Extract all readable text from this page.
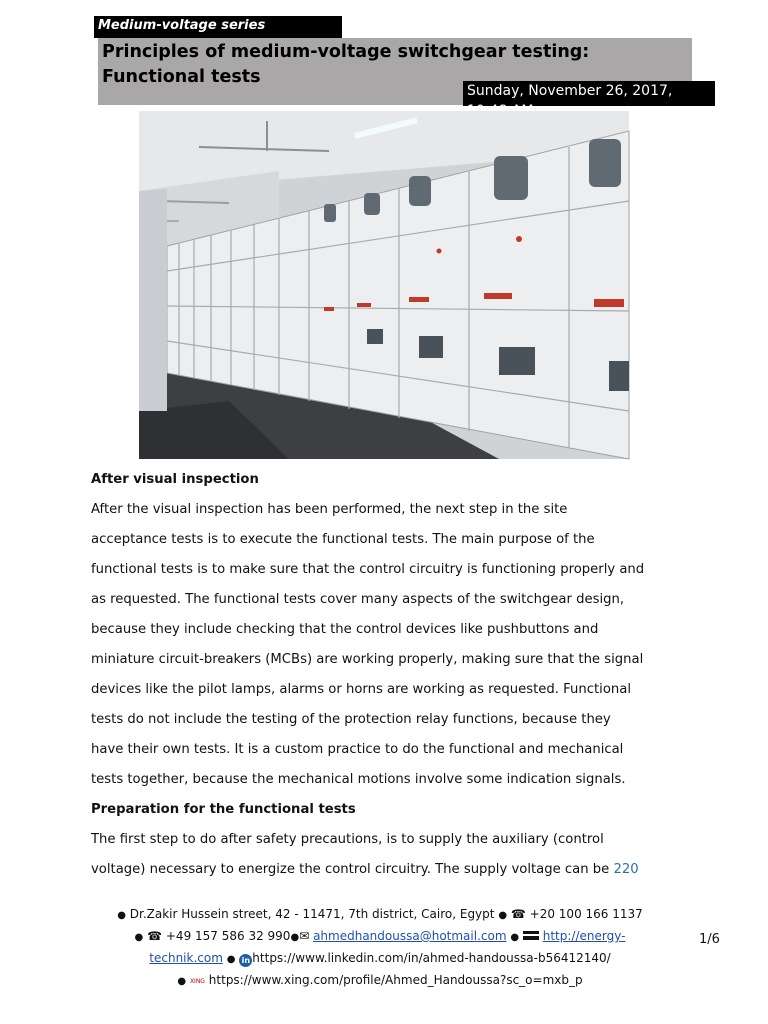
Medium-voltage series
Principles of medium-voltage switchgear testing:
Functional tests
Sunday, November 26, 2017,

After visual inspection

After the visual inspection has been performed, the next step in the site

acceptance tests is to execute the functional tests. The main purpose of the

functional tests is to make sure that the control circuitry is functioning properly and

as requested. The functional tests cover many aspects of the switchgear design,

because they include checking that the control devices like pushbuttons and

miniature circuit-breakers (MCBs) are working properly, making sure that the signal

devices like the pilot lamps, alarms or horns are working as requested. Functional

tests do not include the testing of the protection relay functions, because they

have their own tests. It is a custom practice to do the functional and mechanical

tests together, because the mechanical motions involve some indication signals.

Preparation for the functional tests

The first step to do after safety precautions, is to supply the auxiliary (control

voltage) necessary to energize the control circuitry. The supply voltage can be 220

● Dr.Zakir Hussein street, 42 - 11471, 7th district, Cairo, Egypt ● ☎ +20 100 166 1137
● ☎ +49 157 586 32 990●✉ ahmedhandoussa@hotmail.com ● http://energy-
technik.com ● in https://www.linkedin.com/in/ahmed-handoussa-b56412140/
● XING https://www.xing.com/profile/Ahmed_Handoussa?sc_o=mxb_p
1/6
